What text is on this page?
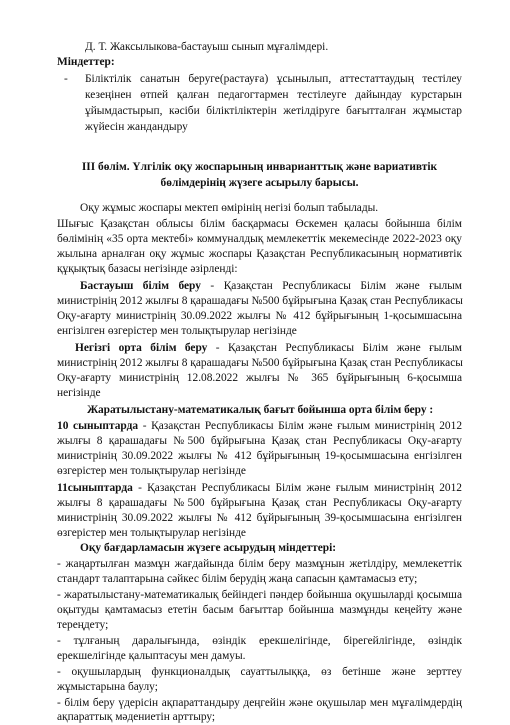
Д. Т. Жаксылыкова-бастауыш сынып мұғалімдері.
Міндеттер:
-	Біліктілік санатын беруге(растауға) ұсынылып, аттестаттаудың тестілеу
кезеңінен өтпей қалған педагогтармен тестілеуге дайындау курстарын
ұйымдастырып, кәсіби біліктіліктерін жетілдіруге бағытталған жұмыстар
жүйесін жандандыру
ІІІ бөлім. Үлгілік оқу жоспарының инварианттық және вариативтік
бөлімдерінің жүзеге асырылу барысы.
Оқу жұмыс жоспары мектеп өмірінің негізі болып табылады.
Шығыс Қазақстан облысы білім басқармасы Өскемен қаласы бойынша білім
бөлімінің «35 орта мектебі» коммуналдық мемлекеттік мекемесінде 2022-2023 оқу
жылына арналған оқу жұмыс жоспары Қазақстан Республикасының нормативтік
құқықтық базасы негізінде әзірленді:
Бастауыш білім беру - Қазақстан Республикасы Білім және ғылым
министрінің 2012 жылғы 8 қарашадағы №500 бұйрығына Қазақ стан Республикасы
Оқу-ағарту министрінің 30.09.2022 жылғы № 412 бұйрығының 1-қосымшасына
енгізілген өзгерістер мен толықтырулар негізінде
Негізгі орта білім беру - Қазақстан Республикасы Білім және ғылым
министрінің 2012 жылғы 8 қарашадағы №500 бұйрығына Қазақ стан Республикасы
Оқу-ағарту министрінің 12.08.2022 жылғы № 365 бұйрығының 6-қосымша
негізінде
Жаратылыстану-математикалық бағыт бойынша орта білім беру :
10 сыныптарда - Қазақстан Республикасы Білім және ғылым министрінің 2012
жылғы 8 қарашадағы №500 бұйрығына Қазақ стан Республикасы Оқу-ағарту
министрінің 30.09.2022 жылғы № 412 бұйрығының 19-қосымшасына енгізілген
өзгерістер мен толықтырулар негізінде
11сыныптарда - Қазақстан Республикасы Білім және ғылым министрінің 2012
жылғы 8 қарашадағы №500 бұйрығына Қазақ стан Республикасы Оқу-ағарту
министрінің 30.09.2022 жылғы № 412 бұйрығының 39-қосымшасына енгізілген
өзгерістер мен толықтырулар негізінде
Оқу бағдарламасын жүзеге асырудың міндеттері:
- жаңартылған мазмұн жағдайында білім беру мазмұнын жетілдіру, мемлекеттік
стандарт талаптарына сәйкес білім берудің жаңа сапасын қамтамасыз ету;
- жаратылыстану-математикалық бейіндегі пәндер бойынша оқушыларді қосымша
оқытуды қамтамасыз ететін басым бағыттар бойынша мазмұнды кеңейту және
тереңдету;
- тұлғаның даралығында, өзіндік ерекшелігінде, бірегейлігінде, өзіндік
ерекшелігінде қалыптасуы мен дамуы.
- оқушылардың функционалдық сауаттылыққа, өз бетінше және зерттеу
жұмыстарына баулу;
- білім беру үдерісін ақпараттандыру деңгейін және оқушылар мен мұғалімдердің
ақпараттық мәдениетін арттыру;
